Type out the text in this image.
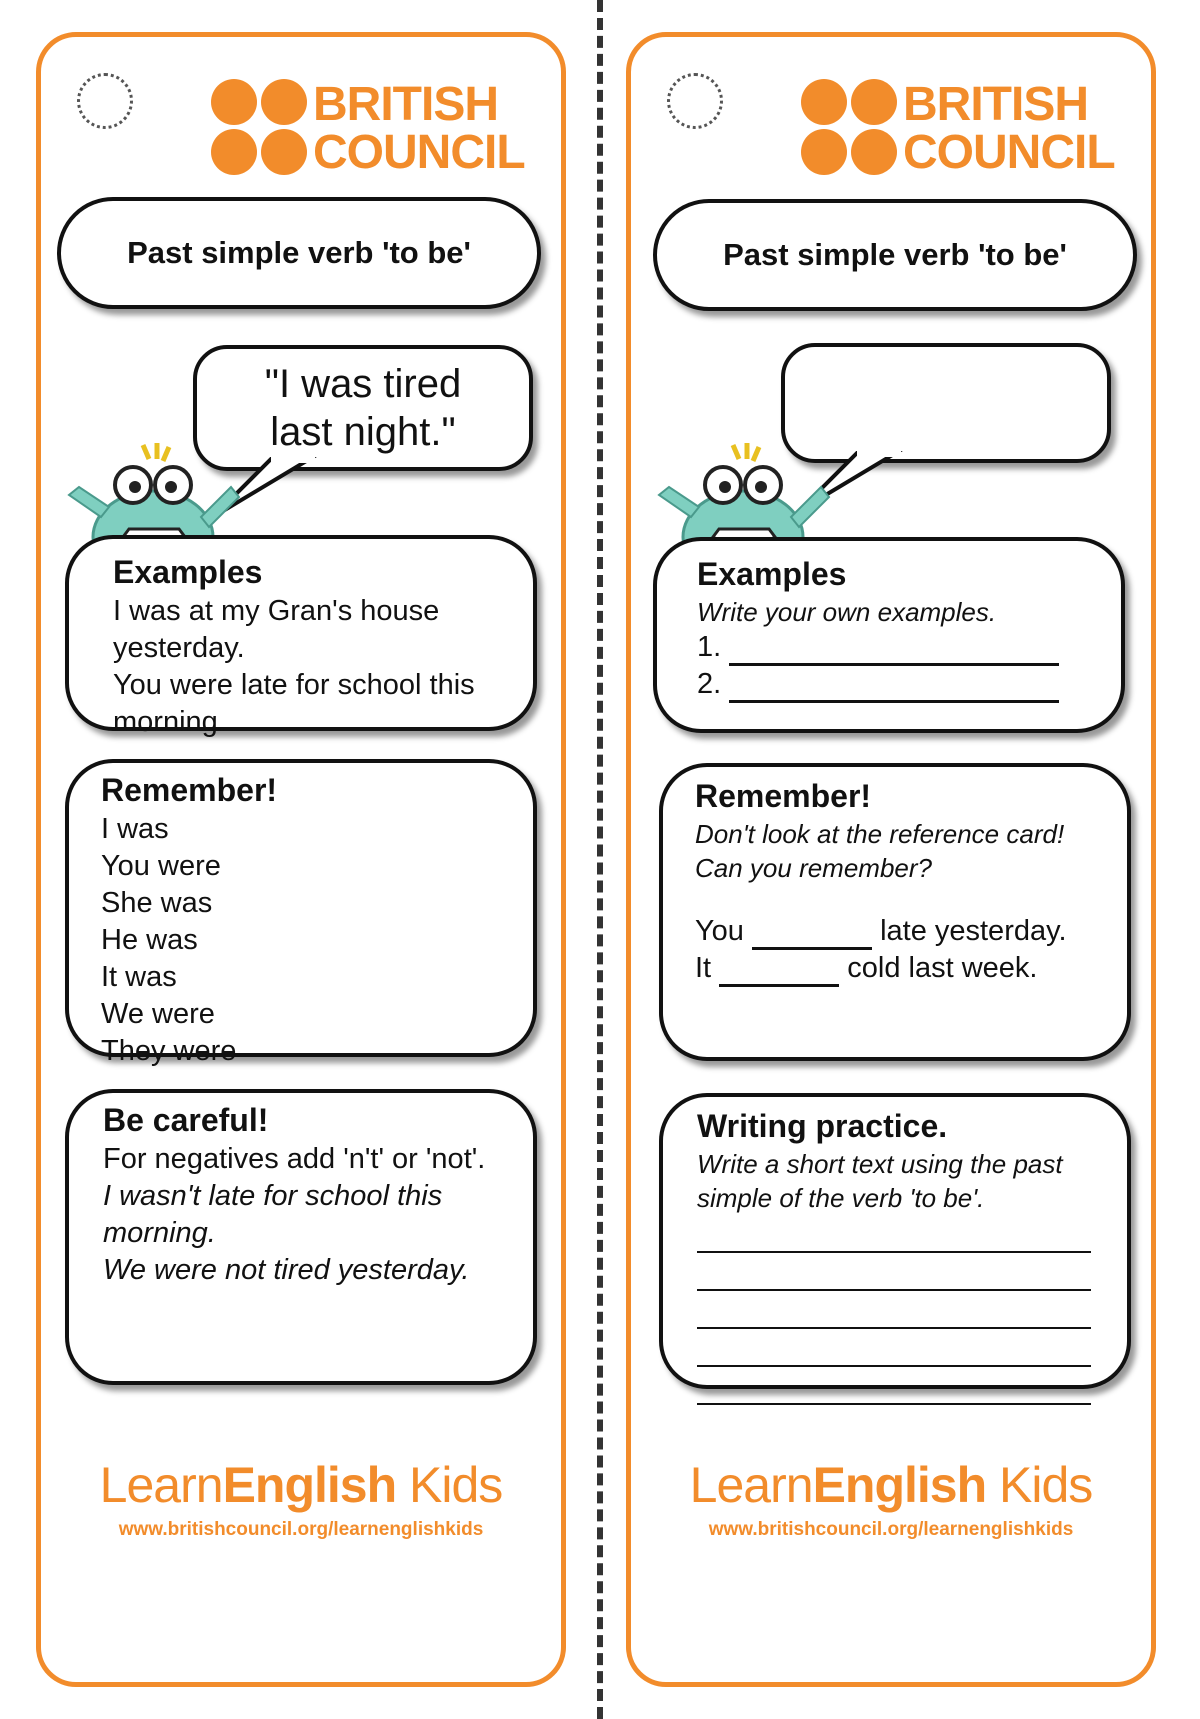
BRITISH
COUNCIL
Past simple verb 'to be'
"I was tired last night."
Examples

I was at my Gran's house yesterday.

You were late for school this morning.

Remember!

I was

You were

She was

He was

It was

We were

They were

Be careful!

For negatives add 'n't' or 'not'.

I wasn't late for school this morning.

We were not tired yesterday.

LearnEnglish Kids
www.britishcouncil.org/learnenglishkids
BRITISH
COUNCIL
Past simple verb 'to be'
Examples

Write your own examples.

1.

2.

Remember!

Don't look at the reference card!

Can you remember?

You	late yesterday.

It	cold last week.

Writing practice.

Write a short text using the past simple of the verb 'to be'.

LearnEnglish Kids
www.britishcouncil.org/learnenglishkids
